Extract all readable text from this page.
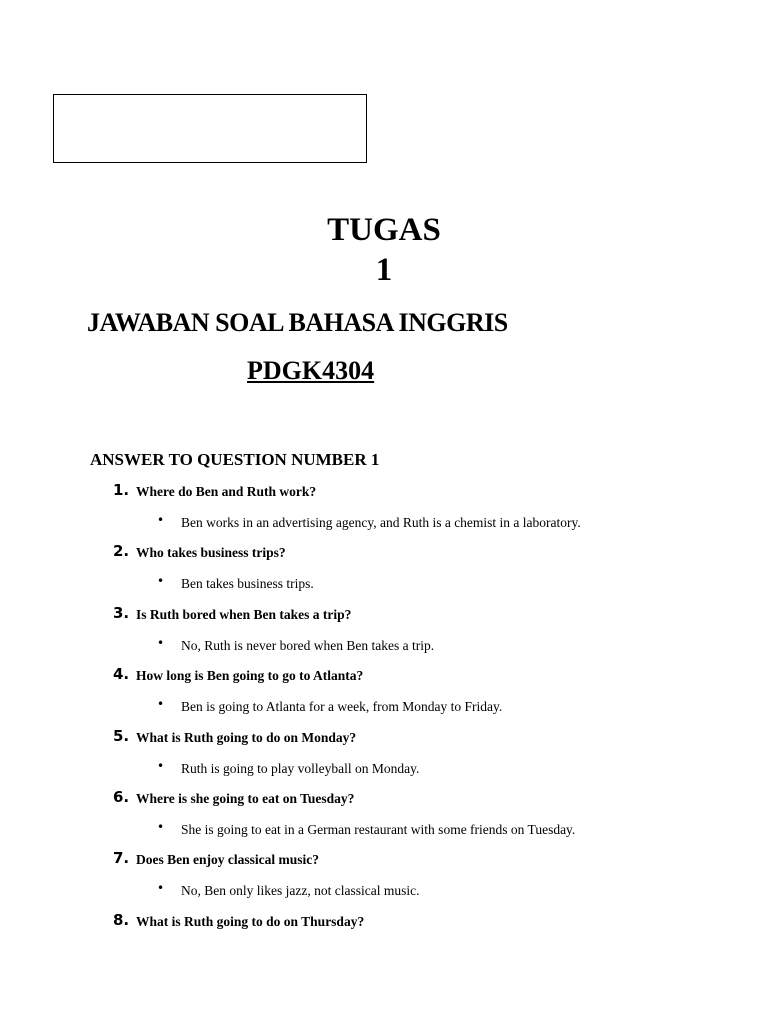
TUGAS
1
JAWABAN SOAL BAHASA INGGRIS
PDGK4304
ANSWER TO QUESTION NUMBER 1
1. Where do Ben and Ruth work?
• Ben works in an advertising agency, and Ruth is a chemist in a laboratory.
2. Who takes business trips?
• Ben takes business trips.
3. Is Ruth bored when Ben takes a trip?
• No, Ruth is never bored when Ben takes a trip.
4. How long is Ben going to go to Atlanta?
• Ben is going to Atlanta for a week, from Monday to Friday.
5. What is Ruth going to do on Monday?
• Ruth is going to play volleyball on Monday.
6. Where is she going to eat on Tuesday?
• She is going to eat in a German restaurant with some friends on Tuesday.
7. Does Ben enjoy classical music?
• No, Ben only likes jazz, not classical music.
8. What is Ruth going to do on Thursday?
